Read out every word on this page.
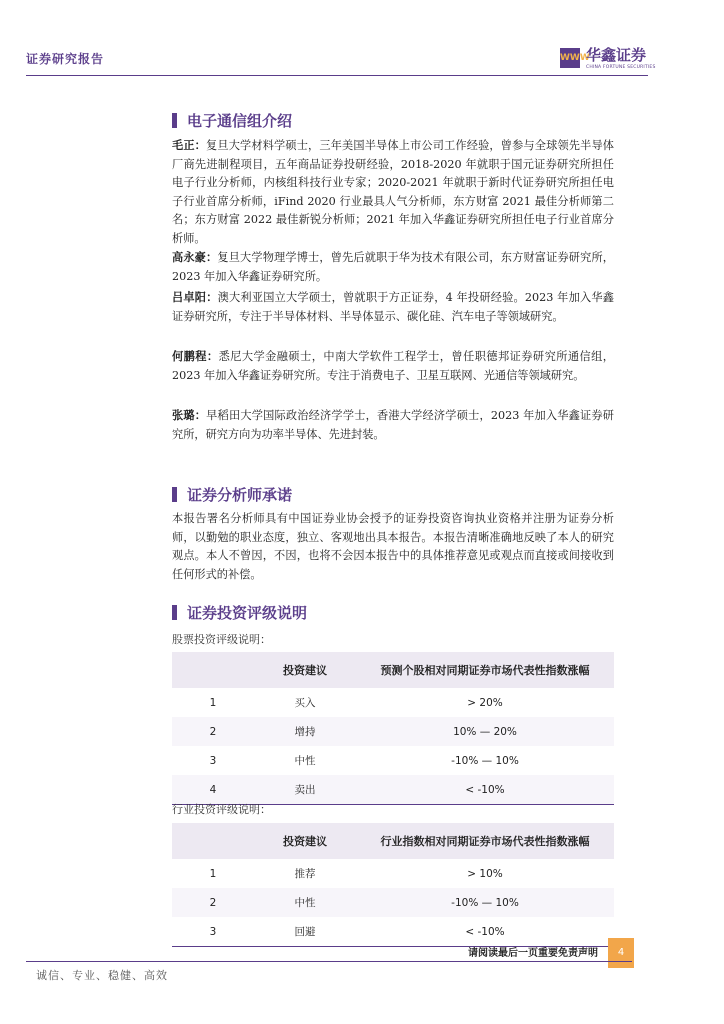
证券研究报告	WWW
华鑫证券
CHINA FORTUNE SECURITIES
电子通信组介绍
毛正：复旦大学材料学硕士，三年美国半导体上市公司工作经验，曾参与全球领先半导体厂商先进制程项目，五年商品证券投研经验，2018-2020 年就职于国元证券研究所担任电子行业分析师，内核组科技行业专家；2020-2021 年就职于新时代证券研究所担任电子行业首席分析师，iFind 2020 行业最具人气分析师，东方财富 2021 最佳分析师第二名；东方财富 2022 最佳新锐分析师；2021 年加入华鑫证券研究所担任电子行业首席分析师。
高永豪：复旦大学物理学博士，曾先后就职于华为技术有限公司，东方财富证券研究所，2023 年加入华鑫证券研究所。
吕卓阳：澳大利亚国立大学硕士，曾就职于方正证券，4 年投研经验。2023 年加入华鑫证券研究所，专注于半导体材料、半导体显示、碳化硅、汽车电子等领域研究。
何鹏程：悉尼大学金融硕士，中南大学软件工程学士，曾任职德邦证券研究所通信组，2023 年加入华鑫证券研究所。专注于消费电子、卫星互联网、光通信等领域研究。
张璐：早稻田大学国际政治经济学学士，香港大学经济学硕士，2023 年加入华鑫证券研究所，研究方向为功率半导体、先进封装。
证券分析师承诺
本报告署名分析师具有中国证券业协会授予的证券投资咨询执业资格并注册为证券分析师，以勤勉的职业态度，独立、客观地出具本报告。本报告清晰准确地反映了本人的研究观点。本人不曾因，不因，也将不会因本报告中的具体推荐意见或观点而直接或间接收到任何形式的补偿。
证券投资评级说明
股票投资评级说明：
	投资建议	预测个股相对同期证券市场代表性指数涨幅
1	买入	> 20%
2	增持	10% — 20%
3	中性	-10% — 10%
4	卖出	< -10%
行业投资评级说明：
	投资建议	行业指数相对同期证券市场代表性指数涨幅
1	推荐	> 10%
2	中性	-10% — 10%
3	回避	< -10%
请阅读最后一页重要免责声明	4
诚信、专业、稳健、高效
